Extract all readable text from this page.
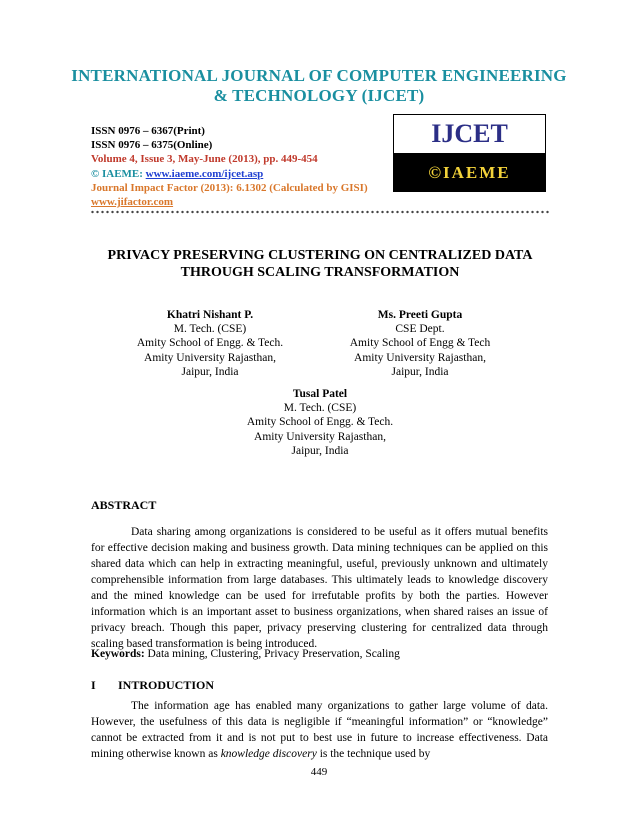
INTERNATIONAL JOURNAL OF COMPUTER ENGINEERING
& TECHNOLOGY (IJCET)
ISSN 0976 – 6367(Print)
ISSN 0976 – 6375(Online)
Volume 4, Issue 3, May-June (2013), pp. 449-454
© IAEME: www.iaeme.com/ijcet.asp
Journal Impact Factor (2013): 6.1302 (Calculated by GISI)
www.jifactor.com
IJCET
©IAEME
PRIVACY PRESERVING CLUSTERING ON CENTRALIZED DATA
THROUGH SCALING TRANSFORMATION
Khatri Nishant P.
M. Tech. (CSE)
Amity School of Engg. & Tech.
Amity University Rajasthan,
Jaipur, India
Ms. Preeti Gupta
CSE Dept.
Amity School of Engg & Tech
Amity University Rajasthan,
Jaipur, India
Tusal Patel
M. Tech. (CSE)
Amity School of Engg. & Tech.
Amity University Rajasthan,
Jaipur, India
ABSTRACT
Data sharing among organizations is considered to be useful as it offers mutual benefits for effective decision making and business growth. Data mining techniques can be applied on this shared data which can help in extracting meaningful, useful, previously unknown and ultimately comprehensible information from large databases. This ultimately leads to knowledge discovery and the mined knowledge can be used for irrefutable profits by both the parties. However information which is an important asset to business organizations, when shared raises an issue of privacy breach. Though this paper, privacy preserving clustering for centralized data through scaling based transformation is being introduced.
Keywords: Data mining, Clustering, Privacy Preservation, Scaling
I INTRODUCTION
The information age has enabled many organizations to gather large volume of data. However, the usefulness of this data is negligible if “meaningful information” or “knowledge” cannot be extracted from it and is not put to best use in future to increase effectiveness. Data mining otherwise known as knowledge discovery is the technique used by
449
